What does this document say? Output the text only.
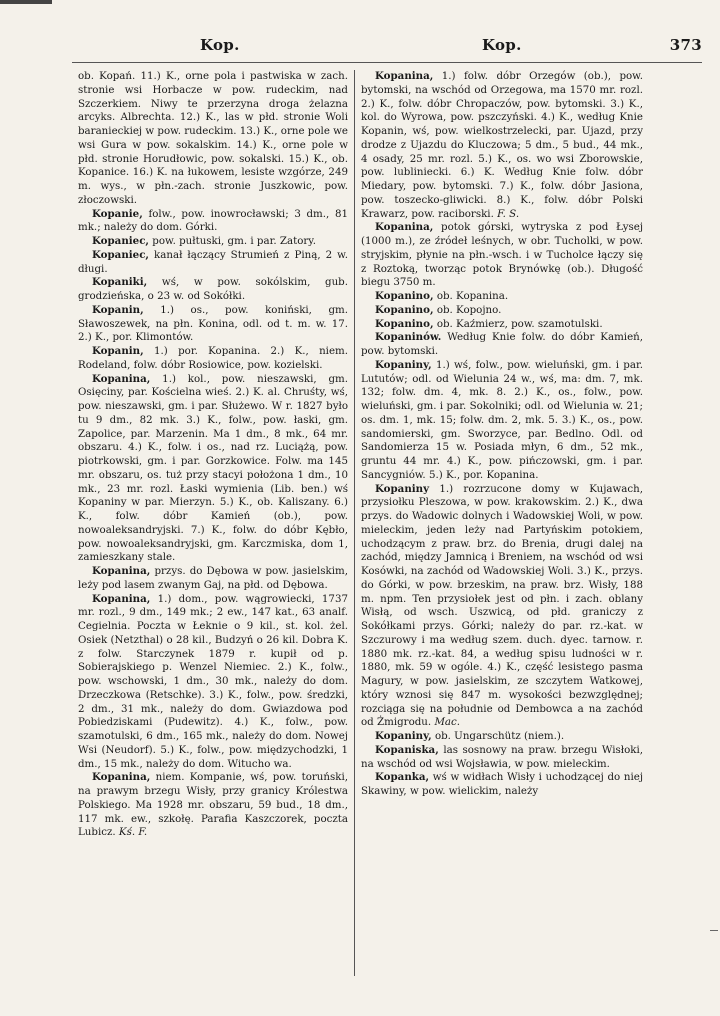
Kop.	Kop.	373

ob. Kopań. 11.) K., orne pola i pastwiska w zach. stronie wsi Horbacze w pow. rudeckim, nad Szczerkiem. Niwy te przerzyna droga żelazna arcyks. Albrechta. 12.) K., las w płd. stronie Woli baranieckiej w pow. rudeckim. 13.) K., orne pole we wsi Gura w pow. sokalskim. 14.) K., orne pole w płd. stronie Horudłowic, pow. sokalski. 15.) K., ob. Kopanice. 16.) K. na łukowem, lesiste wzgórze, 249 m. wys., w płn.-zach. stronie Juszkowic, pow. złoczowski.

Kopanie, folw., pow. inowrocławski; 3 dm., 81 mk.; należy do dom. Górki.

Kopaniec, pow. pułtuski, gm. i par. Zatory.

Kopaniec, kanał łączący Strumień z Piną, 2 w. długi.

Kopaniki, wś, w pow. sokólskim, gub. grodzieńska, o 23 w. od Sokółki.

Kopanin, 1.) os., pow. koniński, gm. Sławoszewek, na płn. Konina, odl. od t. m. w. 17. 2.) K., por. Klimontów.

Kopanin, 1.) por. Kopanina. 2.) K., niem. Rodeland, folw. dóbr Rosiowice, pow. kozielski.

Kopanina, 1.) kol., pow. nieszawski, gm. Osięciny, par. Kościelna wieś. 2.) K. al. Chruśty, wś, pow. nieszawski, gm. i par. Służewo. W r. 1827 było tu 9 dm., 82 mk. 3.) K., folw., pow. łaski, gm. Zapolice, par. Marzenin. Ma 1 dm., 8 mk., 64 mr. obszaru. 4.) K., folw. i os., nad rz. Luciążą, pow. piotrkowski, gm. i par. Gorzkowice. Folw. ma 145 mr. obszaru, os. tuż przy stacyi położona 1 dm., 10 mk., 23 mr. rozl. Łaski wymienia (Lib. ben.) wś Kopaniny w par. Mierzyn. 5.) K., ob. Kaliszany. 6.) K., folw. dóbr Kamień (ob.), pow. nowoaleksandryjski. 7.) K., folw. do dóbr Kębło, pow. nowoaleksandryjski, gm. Karczmiska, dom 1, zamieszkany stale.

Kopanina, przys. do Dębowa w pow. jasielskim, leży pod lasem zwanym Gaj, na płd. od Dębowa.

Kopanina, 1.) dom., pow. wągrowiecki, 1737 mr. rozl., 9 dm., 149 mk.; 2 ew., 147 kat., 63 analf. Cegielnia. Poczta w Łeknie o 9 kil., st. kol. żel. Osiek (Netzthal) o 28 kil., Budzyń o 26 kil. Dobra K. z folw. Starczynek 1879 r. kupił od p. Sobierajskiego p. Wenzel Niemiec. 2.) K., folw., pow. wschowski, 1 dm., 30 mk., należy do dom. Drzeczkowa (Retschke). 3.) K., folw., pow. średzki, 2 dm., 31 mk., należy do dom. Gwiazdowa pod Pobiedziskami (Pudewitz). 4.) K., folw., pow. szamotulski, 6 dm., 165 mk., należy do dom. Nowej Wsi (Neudorf). 5.) K., folw., pow. międzychodzki, 1 dm., 15 mk., należy do dom. Witucho wa.

Kopanina, niem. Kompanie, wś, pow. toruński, na prawym brzegu Wisły, przy granicy Królestwa Polskiego. Ma 1928 mr. obszaru, 59 bud., 18 dm., 117 mk. ew., szkołę. Parafia Kaszczorek, poczta Lubicz. Kś. F.

Kopanina, 1.) folw. dóbr Orzegów (ob.), pow. bytomski, na wschód od Orzegowa, ma 1570 mr. rozl. 2.) K., folw. dóbr Chropaczów, pow. bytomski. 3.) K., kol. do Wyrowa, pow. pszczyński. 4.) K., według Knie Kopanin, wś, pow. wielkostrzelecki, par. Ujazd, przy drodze z Ujazdu do Kluczowa; 5 dm., 5 bud., 44 mk., 4 osady, 25 mr. rozl. 5.) K., os. wo wsi Zborowskie, pow. lubliniecki. 6.) K. Według Knie folw. dóbr Miedary, pow. bytomski. 7.) K., folw. dóbr Jasiona, pow. toszecko-gliwicki. 8.) K., folw. dóbr Polski Krawarz, pow. raciborski. F. S.

Kopanina, potok górski, wytryska z pod Łysej (1000 m.), ze źródeł leśnych, w obr. Tucholki, w pow. stryjskim, płynie na płn.-wsch. i w Tucholce łączy się z Roztoką, tworząc potok Brynówkę (ob.). Długość biegu 3750 m.

Kopanino, ob. Kopanina.

Kopanino, ob. Kopojno.

Kopanino, ob. Kaźmierz, pow. szamotulski.

Kopaninów. Według Knie folw. do dóbr Kamień, pow. bytomski.

Kopaniny, 1.) wś, folw., pow. wieluński, gm. i par. Lututów; odl. od Wielunia 24 w., wś, ma: dm. 7, mk. 132; folw. dm. 4, mk. 8. 2.) K., os., folw., pow. wieluński, gm. i par. Sokolniki; odl. od Wielunia w. 21; os. dm. 1, mk. 15; folw. dm. 2, mk. 5. 3.) K., os., pow. sandomierski, gm. Sworzyce, par. Bedlno. Odl. od Sandomierza 15 w. Posiada młyn, 6 dm., 52 mk., gruntu 44 mr. 4.) K., pow. pińczowski, gm. i par. Sancygniów. 5.) K., por. Kopanina.

Kopaniny 1.) rozrzucone domy w Kujawach, przysiołku Pleszowa, w pow. krakowskim. 2.) K., dwa przys. do Wadowic dolnych i Wadowskiej Woli, w pow. mieleckim, jeden leży nad Partyńskim potokiem, uchodzącym z praw. brz. do Brenia, drugi dalej na zachód, między Jamnicą i Breniem, na wschód od wsi Kosówki, na zachód od Wadowskiej Woli. 3.) K., przys. do Górki, w pow. brzeskim, na praw. brz. Wisły, 188 m. npm. Ten przysiołek jest od płn. i zach. oblany Wisłą, od wsch. Uszwicą, od płd. graniczy z Sokółkami przys. Górki; należy do par. rz.-kat. w Szczurowy i ma według szem. duch. dyec. tarnow. r. 1880 mk. rz.-kat. 84, a według spisu ludności w r. 1880, mk. 59 w ogóle. 4.) K., część lesistego pasma Magury, w pow. jasielskim, ze szczytem Watkowej, który wznosi się 847 m. wysokości bezwzględnej; rozciąga się na południe od Dembowca a na zachód od Żmigrodu. Mac.

Kopaniny, ob. Ungarschütz (niem.).

Kopaniska, las sosnowy na praw. brzegu Wisłoki, na wschód od wsi Wojsławia, w pow. mieleckim.

Kopanka, wś w widłach Wisły i uchodzącej do niej Skawiny, w pow. wielickim, należy
